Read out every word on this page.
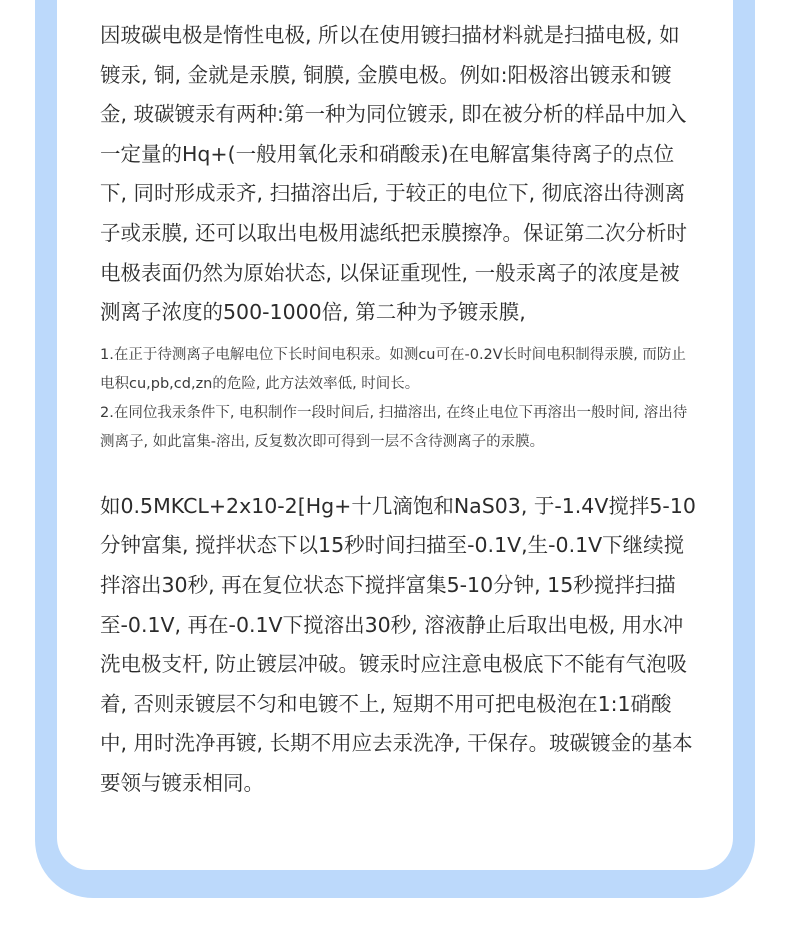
因玻碳电极是惰性电极, 所以在使用镀扫描材料就是扫描电极, 如镀汞, 铜, 金就是汞膜, 铜膜, 金膜电极。例如:阳极溶出镀汞和镀金, 玻碳镀汞有两种:第一种为同位镀汞, 即在被分析的样品中加入一定量的Hq+(一般用氧化汞和硝酸汞)在电解富集待离子的点位下, 同时形成汞齐, 扫描溶出后, 于较正的电位下, 彻底溶出待测离子或汞膜, 还可以取出电极用滤纸把汞膜擦净。保证第二次分析时电极表面仍然为原始状态, 以保证重现性, 一般汞离子的浓度是被测离子浓度的500-1000倍, 第二种为予镀汞膜,

1.在正于待测离子电解电位下长时间电积汞。如测cu可在-0.2V长时间电积制得汞膜, 而防止电积cu,pb,cd,zn的危险, 此方法效率低, 时间长。

2.在同位我汞条件下, 电积制作一段时间后, 扫描溶出, 在终止电位下再溶出一般时间, 溶出待测离子, 如此富集-溶出, 反复数次即可得到一层不含待测离子的汞膜。

如0.5MKCL+2x10-2[Hg+十几滴饱和NaS03, 于-1.4V搅拌5-10分钟富集, 搅拌状态下以15秒时间扫描至-0.1V,生-0.1V下继续搅拌溶出30秒, 再在复位状态下搅拌富集5-10分钟, 15秒搅拌扫描至-0.1V, 再在-0.1V下搅溶出30秒, 溶液静止后取出电极, 用水冲洗电极支杆, 防止镀层冲破。镀汞时应注意电极底下不能有气泡吸着, 否则汞镀层不匀和电镀不上, 短期不用可把电极泡在1:1硝酸中, 用时洗净再镀, 长期不用应去汞洗净, 干保存。玻碳镀金的基本要领与镀汞相同。
